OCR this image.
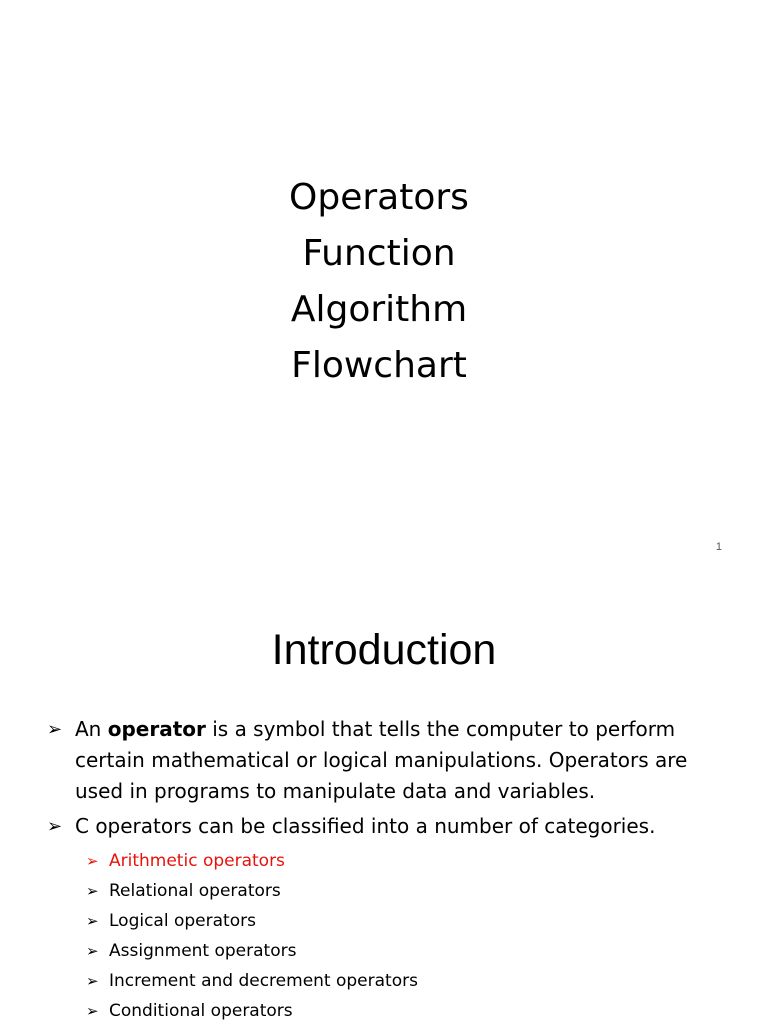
Operators
Function
Algorithm
Flowchart
1
Introduction
➢ An operator is a symbol that tells the computer to perform certain mathematical or logical manipulations. Operators are used in programs to manipulate data and variables.
➢ C operators can be classified into a number of categories.
➢ Arithmetic operators
➢ Relational operators
➢ Logical operators
➢ Assignment operators
➢ Increment and decrement operators
➢ Conditional operators
